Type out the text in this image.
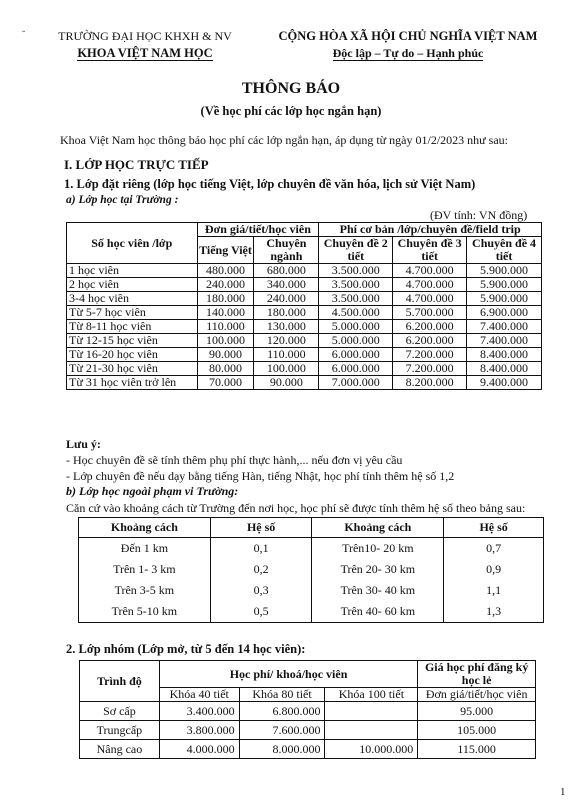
˘	TRƯỜNG ĐẠI HỌC KHXH & NV
KHOA VIỆT NAM HỌC
CỘNG HÒA XÃ HỘI CHỦ NGHĨA VIỆT NAM
Độc lập – Tự do – Hạnh phúc
THÔNG BÁO
(Về học phí các lớp học ngắn hạn)
Khoa Việt Nam học thông báo học phí các lớp ngắn hạn, áp dụng từ ngày 01/2/2023 như sau:
I. LỚP HỌC TRỰC TIẾP
1. Lớp đặt riêng (lớp học tiếng Việt, lớp chuyên đề văn hóa, lịch sử Việt Nam)
a) Lớp học tại Trường :
(ĐV tính: VN đồng)
Số học viên /lớp	Đơn giá/tiết/học viên		Phí cơ bản /lớp/chuyên đề/field trip		
	Tiếng Việt	Chuyên ngành	Chuyên đề 2 tiết	Chuyên đề 3 tiết	Chuyên đề 4 tiết
1 học viên	480.000	680.000	3.500.000	4.700.000	5.900.000
2 học viên	240.000	340.000	3.500.000	4.700.000	5.900.000
3-4 học viên	180.000	240.000	3.500.000	4.700.000	5.900.000
Từ 5-7 học viên	140.000	180.000	4.500.000	5.700.000	6.900.000
Từ 8-11 học viên	110.000	130.000	5.000.000	6.200.000	7.400.000
Từ 12-15 học viên	100.000	120.000	5.000.000	6.200.000	7.400.000
Từ 16-20 học viên	90.000	110.000	6.000.000	7.200.000	8.400.000
Từ 21-30 học viên	80.000	100.000	6.000.000	7.200.000	8.400.000
Từ 31 học viên trở lên	70.000	90.000	7.000.000	8.200.000	9.400.000
Lưu ý:
- Học chuyên đề sẽ tính thêm phụ phí thực hành,... nếu đơn vị yêu cầu
- Lớp chuyên đề nếu dạy bằng tiếng Hàn, tiếng Nhật, học phí tính thêm hệ số 1,2
b) Lớp học ngoài phạm vi Trường:
Căn cứ vào khoảng cách từ Trường đến nơi học, học phí sẽ được tính thêm hệ số theo bảng sau:
Khoảng cách	Hệ số	Khoảng cách	Hệ số
Đến 1 km	0,1	Trên10- 20 km	0,7
Trên 1- 3 km	0,2	Trên 20- 30 km	0,9
Trên 3-5 km	0,3	Trên 30- 40 km	1,1
Trên 5-10 km	0,5	Trên 40- 60 km	1,3
2. Lớp nhóm (Lớp mở, từ 5 đến 14 học viên):
Trình độ	Học phí/ khoá/học viên			Giá học phí đăng ký học lẻ
	Khóa 40 tiết	Khóa 80 tiết	Khóa 100 tiết	Đơn giá/tiết/học viên
Sơ cấp	3.400.000	6.800.000		95.000
Trungcấp	3.800.000	7.600.000		105.000
Nâng cao	4.000.000	8.000.000	10.000.000	115.000
1
